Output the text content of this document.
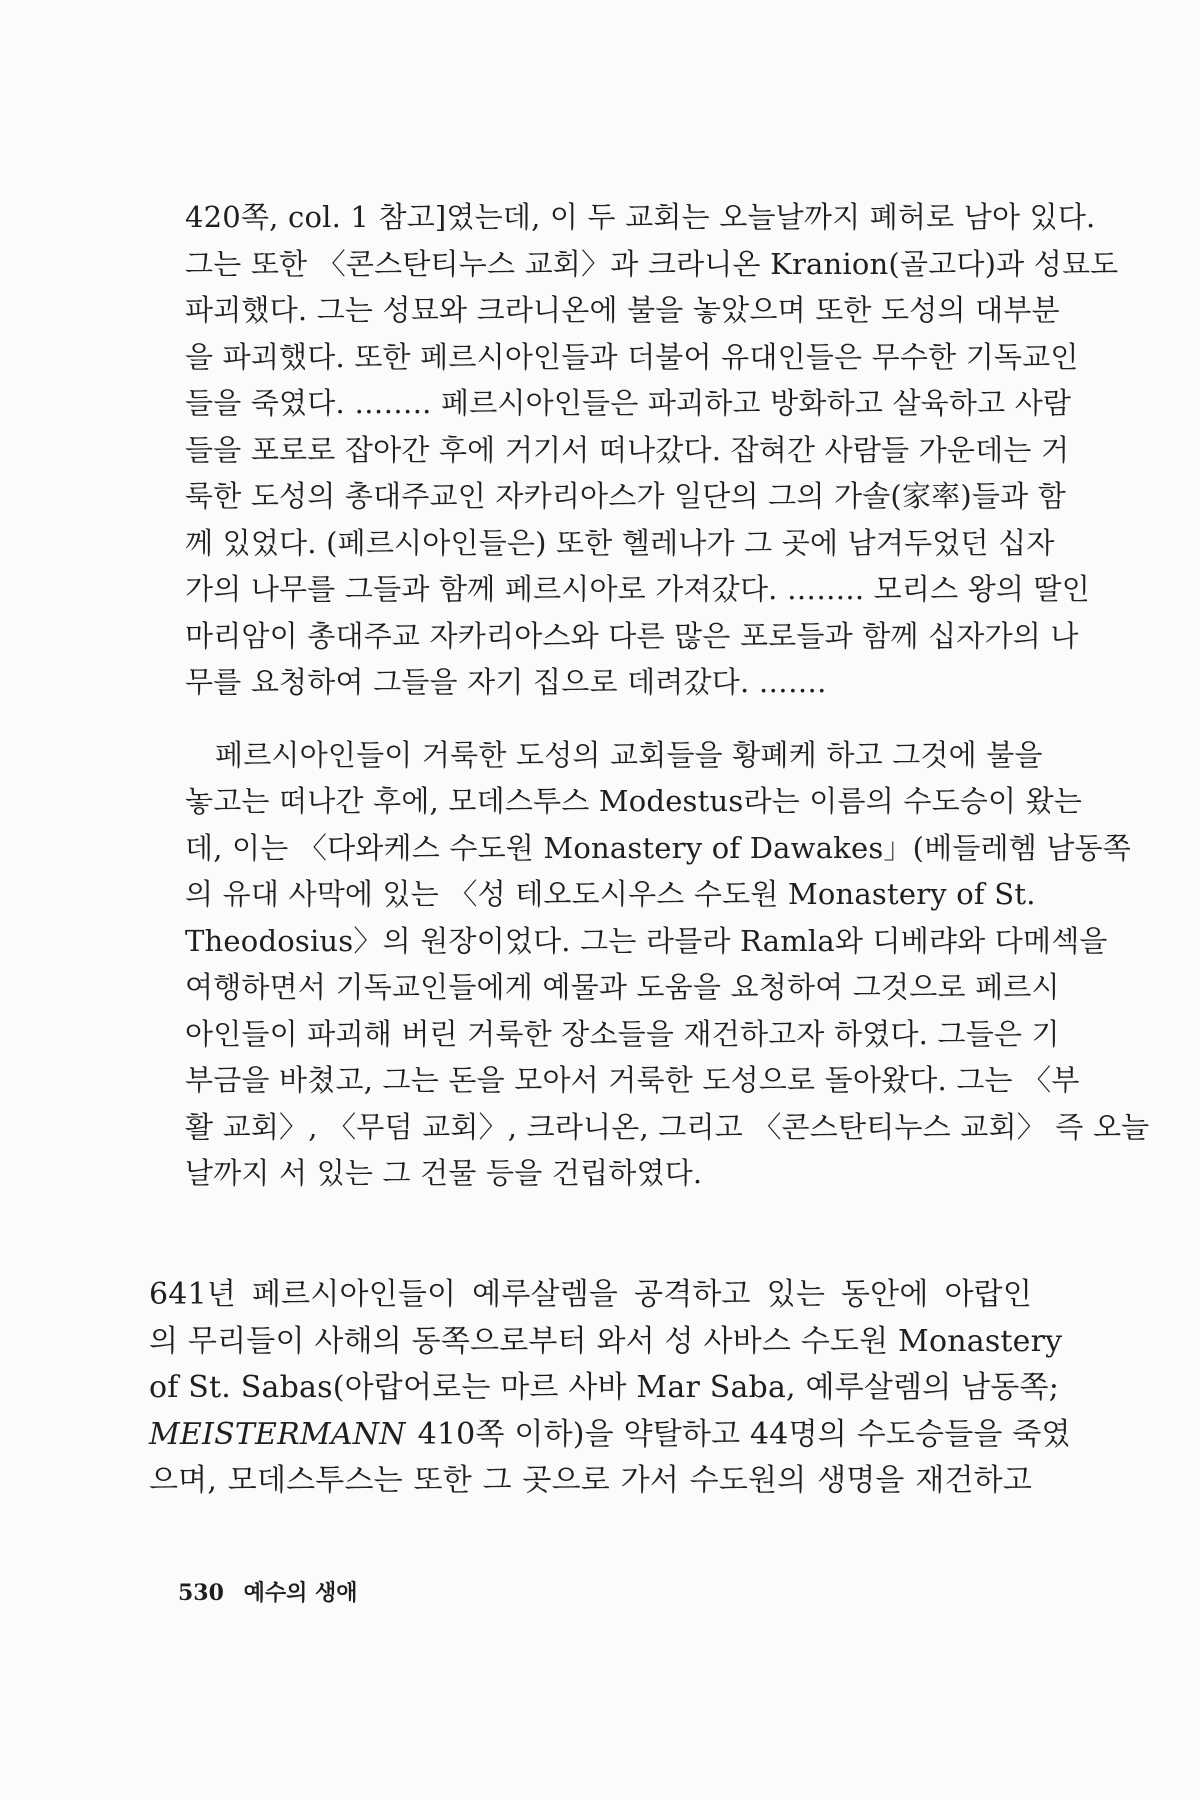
420쪽, col. 1 참고]였는데, 이 두 교회는 오늘날까지 폐허로 남아 있다.
그는 또한 〈콘스탄티누스 교회〉과 크라니온 Kranion(골고다)과 성묘도
파괴했다. 그는 성묘와 크라니온에 불을 놓았으며 또한 도성의 대부분
을 파괴했다. 또한 페르시아인들과 더불어 유대인들은 무수한 기독교인
들을 죽였다. …….. 페르시아인들은 파괴하고 방화하고 살육하고 사람
들을 포로로 잡아간 후에 거기서 떠나갔다. 잡혀간 사람들 가운데는 거
룩한 도성의 총대주교인 자카리아스가 일단의 그의 가솔(家率)들과 함
께 있었다. (페르시아인들은) 또한 헬레나가 그 곳에 남겨두었던 십자
가의 나무를 그들과 함께 페르시아로 가져갔다. …….. 모리스 왕의 딸인
마리암이 총대주교 자카리아스와 다른 많은 포로들과 함께 십자가의 나
무를 요청하여 그들을 자기 집으로 데려갔다. …….
페르시아인들이 거룩한 도성의 교회들을 황폐케 하고 그것에 불을
놓고는 떠나간 후에, 모데스투스 Modestus라는 이름의 수도승이 왔는
데, 이는 〈다와케스 수도원 Monastery of Dawakes」(베들레헴 남동쪽
의 유대 사막에 있는 〈성 테오도시우스 수도원 Monastery of St.
Theodosius〉의 원장이었다. 그는 라믈라 Ramla와 디베랴와 다메섹을
여행하면서 기독교인들에게 예물과 도움을 요청하여 그것으로 페르시
아인들이 파괴해 버린 거룩한 장소들을 재건하고자 하였다. 그들은 기
부금을 바쳤고, 그는 돈을 모아서 거룩한 도성으로 돌아왔다. 그는 〈부
활 교회〉, 〈무덤 교회〉, 크라니온, 그리고 〈콘스탄티누스 교회〉 즉 오늘
날까지 서 있는 그 건물 등을 건립하였다.
641년 페르시아인들이 예루살렘을 공격하고 있는 동안에 아랍인
의 무리들이 사해의 동쪽으로부터 와서 성 사바스 수도원 Monastery
of St. Sabas(아랍어로는 마르 사바 Mar Saba, 예루살렘의 남동쪽;
MEISTERMANN 410쪽 이하)을 약탈하고 44명의 수도승들을 죽였
으며, 모데스투스는 또한 그 곳으로 가서 수도원의 생명을 재건하고
530 예수의 생애
